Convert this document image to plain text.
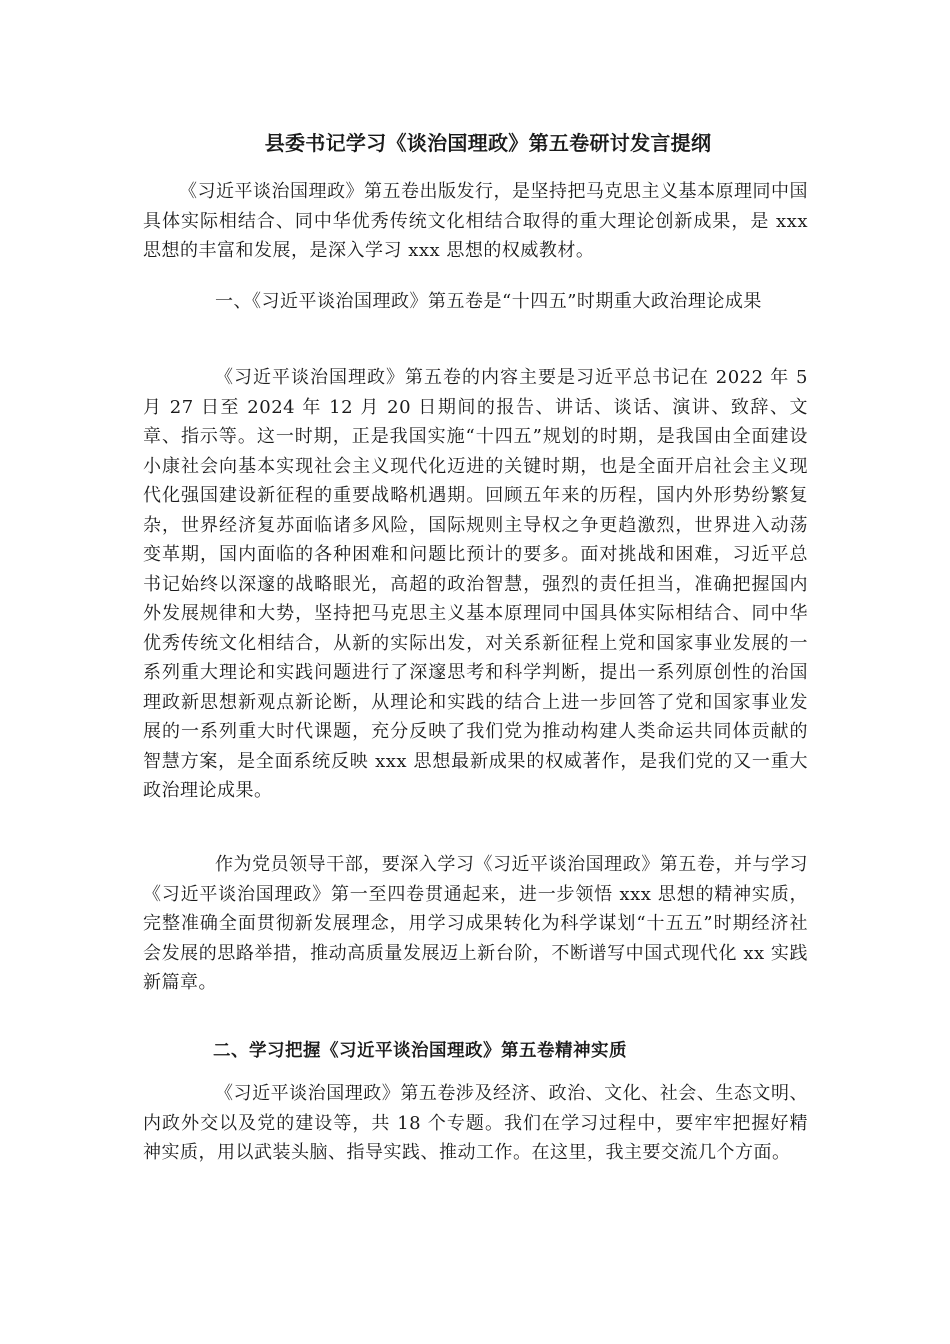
县委书记学习《谈治国理政》第五卷研讨发言提纲

《习近平谈治国理政》第五卷出版发行，是坚持把马克思主义基本原理同中国具体实际相结合、同中华优秀传统文化相结合取得的重大理论创新成果，是 xxx 思想的丰富和发展，是深入学习 xxx 思想的权威教材。

一、《习近平谈治国理政》第五卷是“十四五”时期重大政治理论成果

《习近平谈治国理政》第五卷的内容主要是习近平总书记在 2022 年 5 月 27 日至 2024 年 12 月 20 日期间的报告、讲话、谈话、演讲、致辞、文章、指示等。这一时期，正是我国实施“十四五”规划的时期，是我国由全面建设小康社会向基本实现社会主义现代化迈进的关键时期，也是全面开启社会主义现代化强国建设新征程的重要战略机遇期。回顾五年来的历程，国内外形势纷繁复杂，世界经济复苏面临诸多风险，国际规则主导权之争更趋激烈，世界进入动荡变革期，国内面临的各种困难和问题比预计的要多。面对挑战和困难，习近平总书记始终以深邃的战略眼光，高超的政治智慧，强烈的责任担当，准确把握国内外发展规律和大势，坚持把马克思主义基本原理同中国具体实际相结合、同中华优秀传统文化相结合，从新的实际出发，对关系新征程上党和国家事业发展的一系列重大理论和实践问题进行了深邃思考和科学判断，提出一系列原创性的治国理政新思想新观点新论断，从理论和实践的结合上进一步回答了党和国家事业发展的一系列重大时代课题，充分反映了我们党为推动构建人类命运共同体贡献的智慧方案，是全面系统反映 xxx 思想最新成果的权威著作，是我们党的又一重大政治理论成果。

作为党员领导干部，要深入学习《习近平谈治国理政》第五卷，并与学习《习近平谈治国理政》第一至四卷贯通起来，进一步领悟 xxx 思想的精神实质，完整准确全面贯彻新发展理念，用学习成果转化为科学谋划“十五五”时期经济社会发展的思路举措，推动高质量发展迈上新台阶，不断谱写中国式现代化 xx 实践新篇章。

二、学习把握《习近平谈治国理政》第五卷精神实质

《习近平谈治国理政》第五卷涉及经济、政治、文化、社会、生态文明、内政外交以及党的建设等，共 18 个专题。我们在学习过程中，要牢牢把握好精神实质，用以武装头脑、指导实践、推动工作。在这里，我主要交流几个方面。
